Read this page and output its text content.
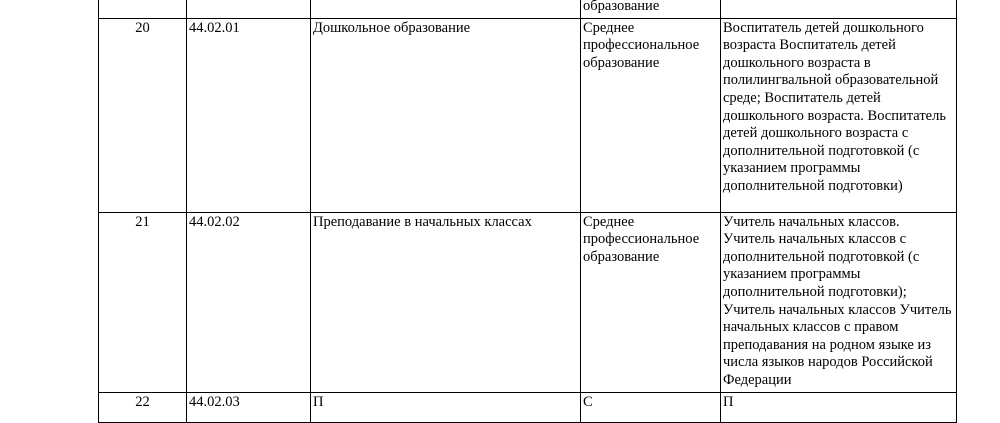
			образование	

20	44.02.01	Дошкольное образование	Среднее профессиональное образование	Воспитатель детей дошкольного возраста Воспитатель детей дошкольного возраста в полилингвальной образовательной среде; Воспитатель детей дошкольного возраста. Воспитатель детей дошкольного возраста с дополнительной подготовкой (с указанием программы дополнительной подготовки)

21	44.02.02	Преподавание в начальных классах	Среднее профессиональное образование	Учитель начальных классов. Учитель начальных классов с дополнительной подготовкой (с указанием программы дополнительной подготовки); Учитель начальных классов Учитель начальных классов с правом преподавания на родном языке из числа языков народов Российской Федерации

22	44.02.03	П	С	П
